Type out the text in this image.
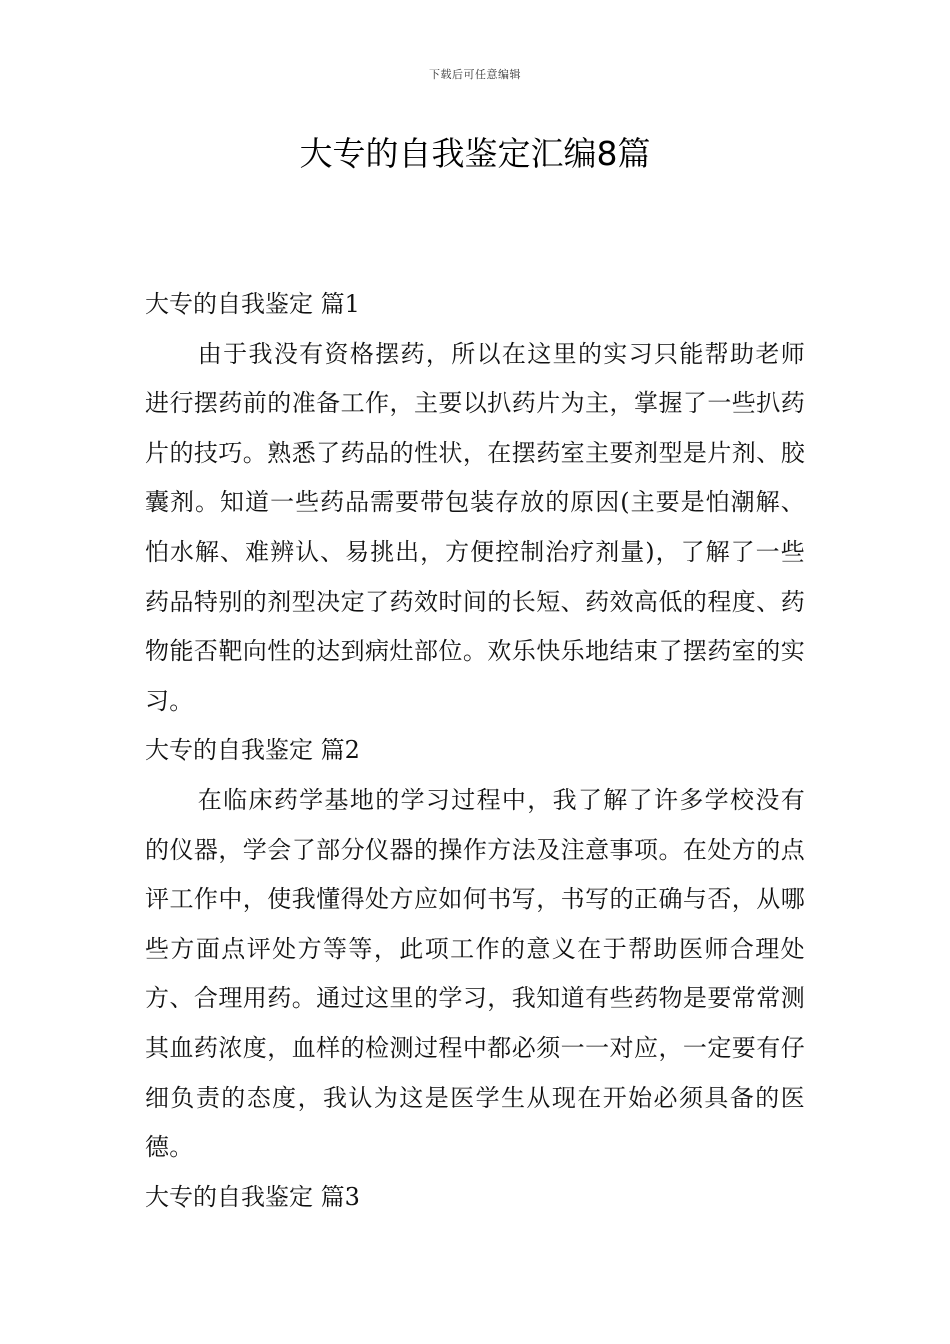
下载后可任意编辑
大专的自我鉴定汇编8篇
大专的自我鉴定 篇1

由于我没有资格摆药，所以在这里的实习只能帮助老师进行摆药前的准备工作，主要以扒药片为主，掌握了一些扒药片的技巧。熟悉了药品的性状，在摆药室主要剂型是片剂、胶囊剂。知道一些药品需要带包装存放的原因(主要是怕潮解、怕水解、难辨认、易挑出，方便控制治疗剂量)，了解了一些药品特别的剂型决定了药效时间的长短、药效高低的程度、药物能否靶向性的达到病灶部位。欢乐快乐地结束了摆药室的实习。

大专的自我鉴定 篇2

在临床药学基地的学习过程中，我了解了许多学校没有的仪器，学会了部分仪器的操作方法及注意事项。在处方的点评工作中，使我懂得处方应如何书写，书写的正确与否，从哪些方面点评处方等等，此项工作的意义在于帮助医师合理处方、合理用药。通过这里的学习，我知道有些药物是要常常测其血药浓度，血样的检测过程中都必须一一对应，一定要有仔细负责的态度，我认为这是医学生从现在开始必须具备的医德。

大专的自我鉴定 篇3
